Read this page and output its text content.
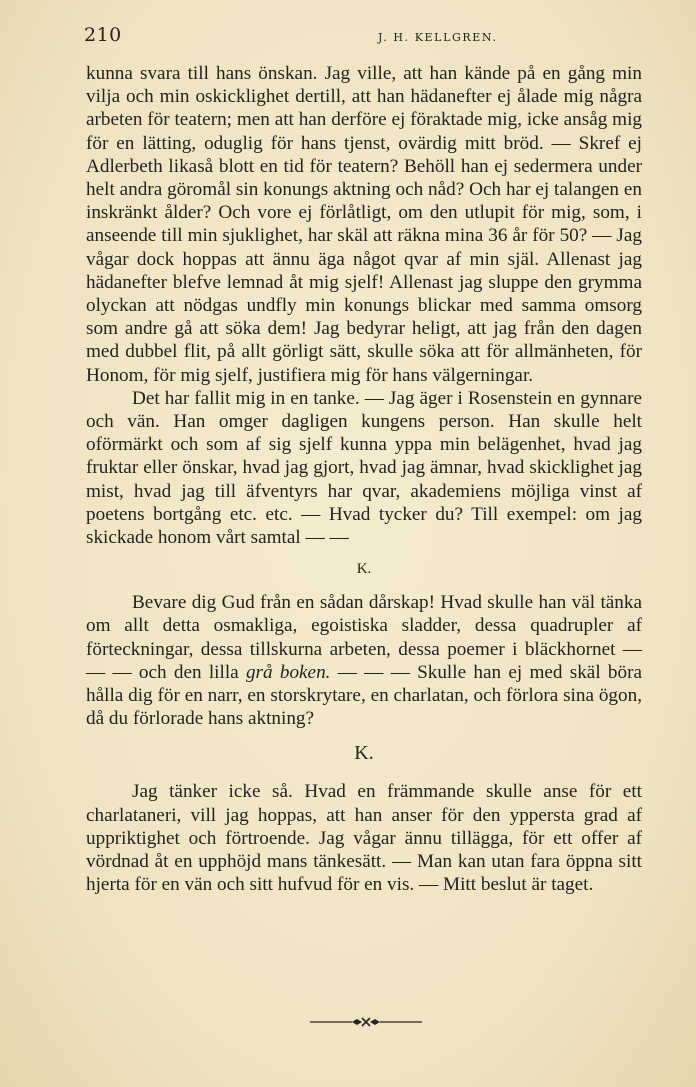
210	J. H. KELLGREN.

kunna svara till hans önskan. Jag ville, att han kände på en gång min vilja och min oskicklighet dertill, att han hädanefter ej ålade mig några arbeten för teatern; men att han derföre ej föraktade mig, icke ansåg mig för en lätting, oduglig för hans tjenst, ovärdig mitt bröd. — Skref ej Adlerbeth likaså blott en tid för teatern? Behöll han ej sedermera under helt andra göromål sin konungs aktning och nåd? Och har ej talangen en inskränkt ålder? Och vore ej förlåtligt, om den utlupit för mig, som, i anseende till min sjuklighet, har skäl att räkna mina 36 år för 50? — Jag vågar dock hoppas att ännu äga något qvar af min själ. Allenast jag hädanefter blefve lemnad åt mig sjelf! Allenast jag sluppe den grymma olyckan att nödgas undfly min konungs blickar med samma omsorg som andre gå att söka dem! Jag bedyrar heligt, att jag från den dagen med dubbel flit, på allt görligt sätt, skulle söka att för allmänheten, för Honom, för mig sjelf, justifiera mig för hans välgerningar.

Det har fallit mig in en tanke. — Jag äger i Rosenstein en gynnare och vän. Han omger dagligen kungens person. Han skulle helt oförmärkt och som af sig sjelf kunna yppa min belägenhet, hvad jag fruktar eller önskar, hvad jag gjort, hvad jag ämnar, hvad skicklighet jag mist, hvad jag till äfventyrs har qvar, akademiens möjliga vinst af poetens bortgång etc. etc. — Hvad tycker du? Till exempel: om jag skickade honom vårt samtal — —

K.

Bevare dig Gud från en sådan dårskap! Hvad skulle han väl tänka om allt detta osmakliga, egoistiska sladder, dessa quadrupler af förteckningar, dessa tillskurna arbeten, dessa poemer i bläckhornet — — — och den lilla grå boken. — — — Skulle han ej med skäl böra hålla dig för en narr, en storskrytare, en charlatan, och förlora sina ögon, då du förlorade hans aktning?

K.

Jag tänker icke så. Hvad en främmande skulle anse för ett charlataneri, vill jag hoppas, att han anser för den yppersta grad af uppriktighet och förtroende. Jag vågar ännu tillägga, för ett offer af vördnad åt en upphöjd mans tänkesätt. — Man kan utan fara öppna sitt hjerta för en vän och sitt hufvud för en vis. — Mitt beslut är taget.
